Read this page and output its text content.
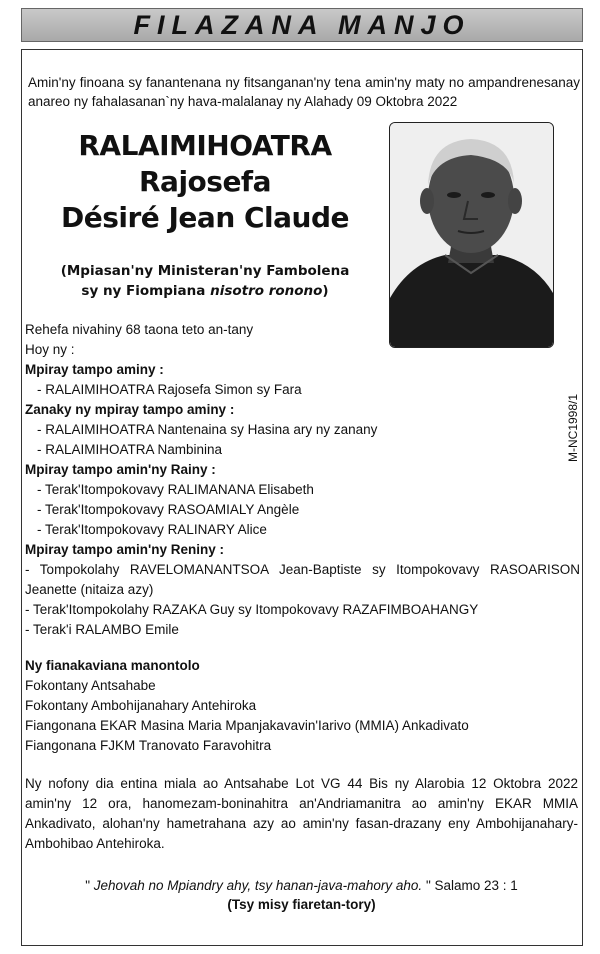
FILAZANA MANJO
Amin'ny finoana sy fanantenana ny fitsanganan'ny tena amin'ny maty no ampandrenesanay anareo ny fahalasanan`ny hava-malalanay ny Alahady 09 Oktobra 2022
RALAIMIHOATRA
Rajosefa
Désiré Jean Claude
(Mpiasan'ny Ministeran'ny Fambolena
sy ny Fiompiana nisotro ronono)
M-NC1998/1
Rehefa nivahiny 68 taona teto an-tany
Hoy ny :
Mpiray tampo aminy :
- RALAIMIHOATRA Rajosefa Simon sy Fara
Zanaky ny mpiray tampo aminy :
- RALAIMIHOATRA Nantenaina sy Hasina ary ny zanany
- RALAIMIHOATRA Nambinina
Mpiray tampo amin'ny Rainy :
- Terak'Itompokovavy RALIMANANA Elisabeth
- Terak'Itompokovavy RASOAMIALY Angèle
- Terak'Itompokovavy RALINARY Alice
Mpiray tampo amin'ny Reniny :
- Tompokolahy RAVELOMANANTSOA Jean-Baptiste sy Itompokovavy RASOARISON Jeanette (nitaiza azy)
- Terak'Itompokolahy RAZAKA Guy sy Itompokovavy RAZAFIMBOAHANGY
- Terak'i RALAMBO Emile
Ny fianakaviana manontolo
Fokontany Antsahabe
Fokontany Ambohijanahary Antehiroka
Fiangonana EKAR Masina Maria Mpanjakavavin'Iarivo (MMIA) Ankadivato
Fiangonana FJKM Tranovato Faravohitra
Ny nofony dia entina miala ao Antsahabe Lot VG 44 Bis ny Alarobia 12 Oktobra 2022 amin'ny 12 ora, hanomezam-boninahitra an'Andriamanitra ao amin'ny EKAR MMIA Ankadivato, alohan'ny hametrahana azy ao amin'ny fasan-drazany eny Ambohijanahary-Ambohibao Antehiroka.
" Jehovah no Mpiandry ahy, tsy hanan-java-mahory aho. " Salamo 23 : 1
(Tsy misy fiaretan-tory)
